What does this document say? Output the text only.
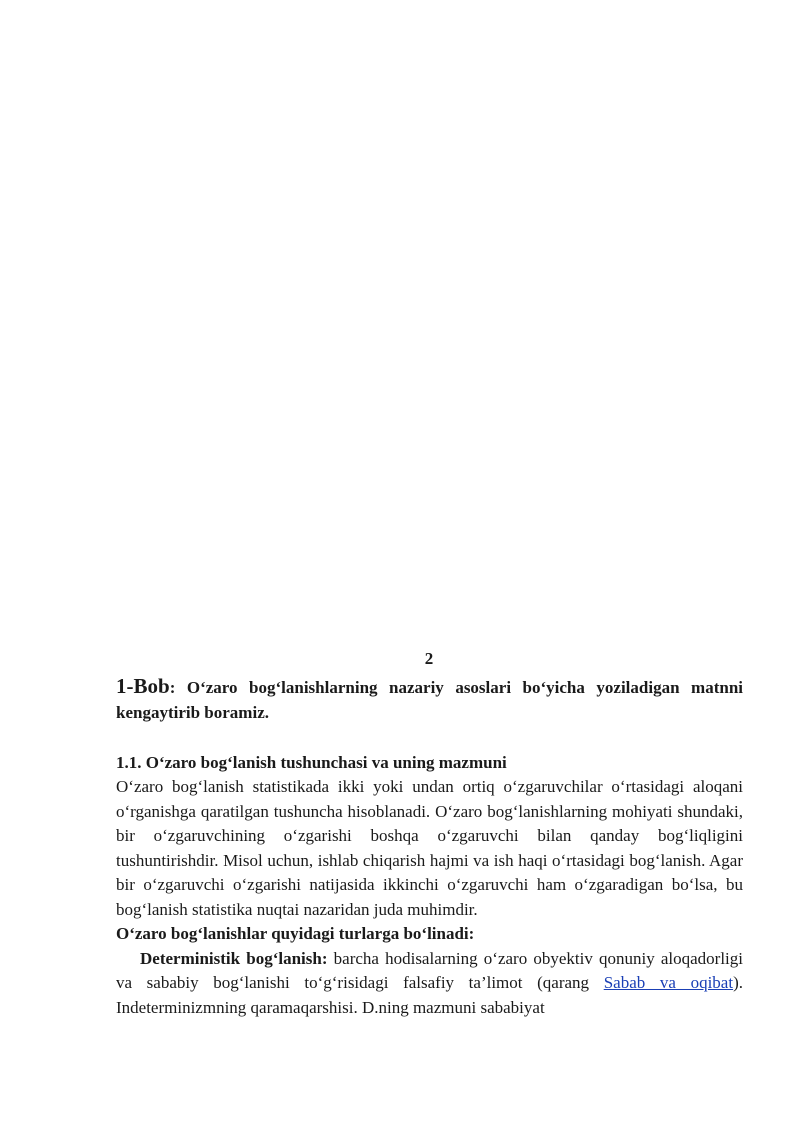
2

1-Bob: O‘zaro bog‘lanishlarning nazariy asoslari bo‘yicha yoziladigan matnni kengaytirib boramiz.

1.1. O‘zaro bog‘lanish tushunchasi va uning mazmuni

O‘zaro bog‘lanish statistikada ikki yoki undan ortiq o‘zgaruvchilar o‘rtasidagi aloqani o‘rganishga qaratilgan tushuncha hisoblanadi. O‘zaro bog‘lanishlarning mohiyati shundaki, bir o‘zgaruvchining o‘zgarishi boshqa o‘zgaruvchi bilan qanday bog‘liqligini tushuntirishdir. Misol uchun, ishlab chiqarish hajmi va ish haqi o‘rtasidagi bog‘lanish. Agar bir o‘zgaruvchi o‘zgarishi natijasida ikkinchi o‘zgaruvchi ham o‘zgaradigan bo‘lsa, bu bog‘lanish statistika nuqtai nazaridan juda muhimdir.

O‘zaro bog‘lanishlar quyidagi turlarga bo‘linadi:

Deterministik bog‘lanish: barcha hodisalarning o‘zaro obyektiv qonuniy aloqadorligi va sababiy bog‘lanishi to‘g‘risidagi falsafiy ta’limot (qarang Sabab va oqibat). Indeterminizmning qaramaqarshisi. D.ning mazmuni sababiyat
